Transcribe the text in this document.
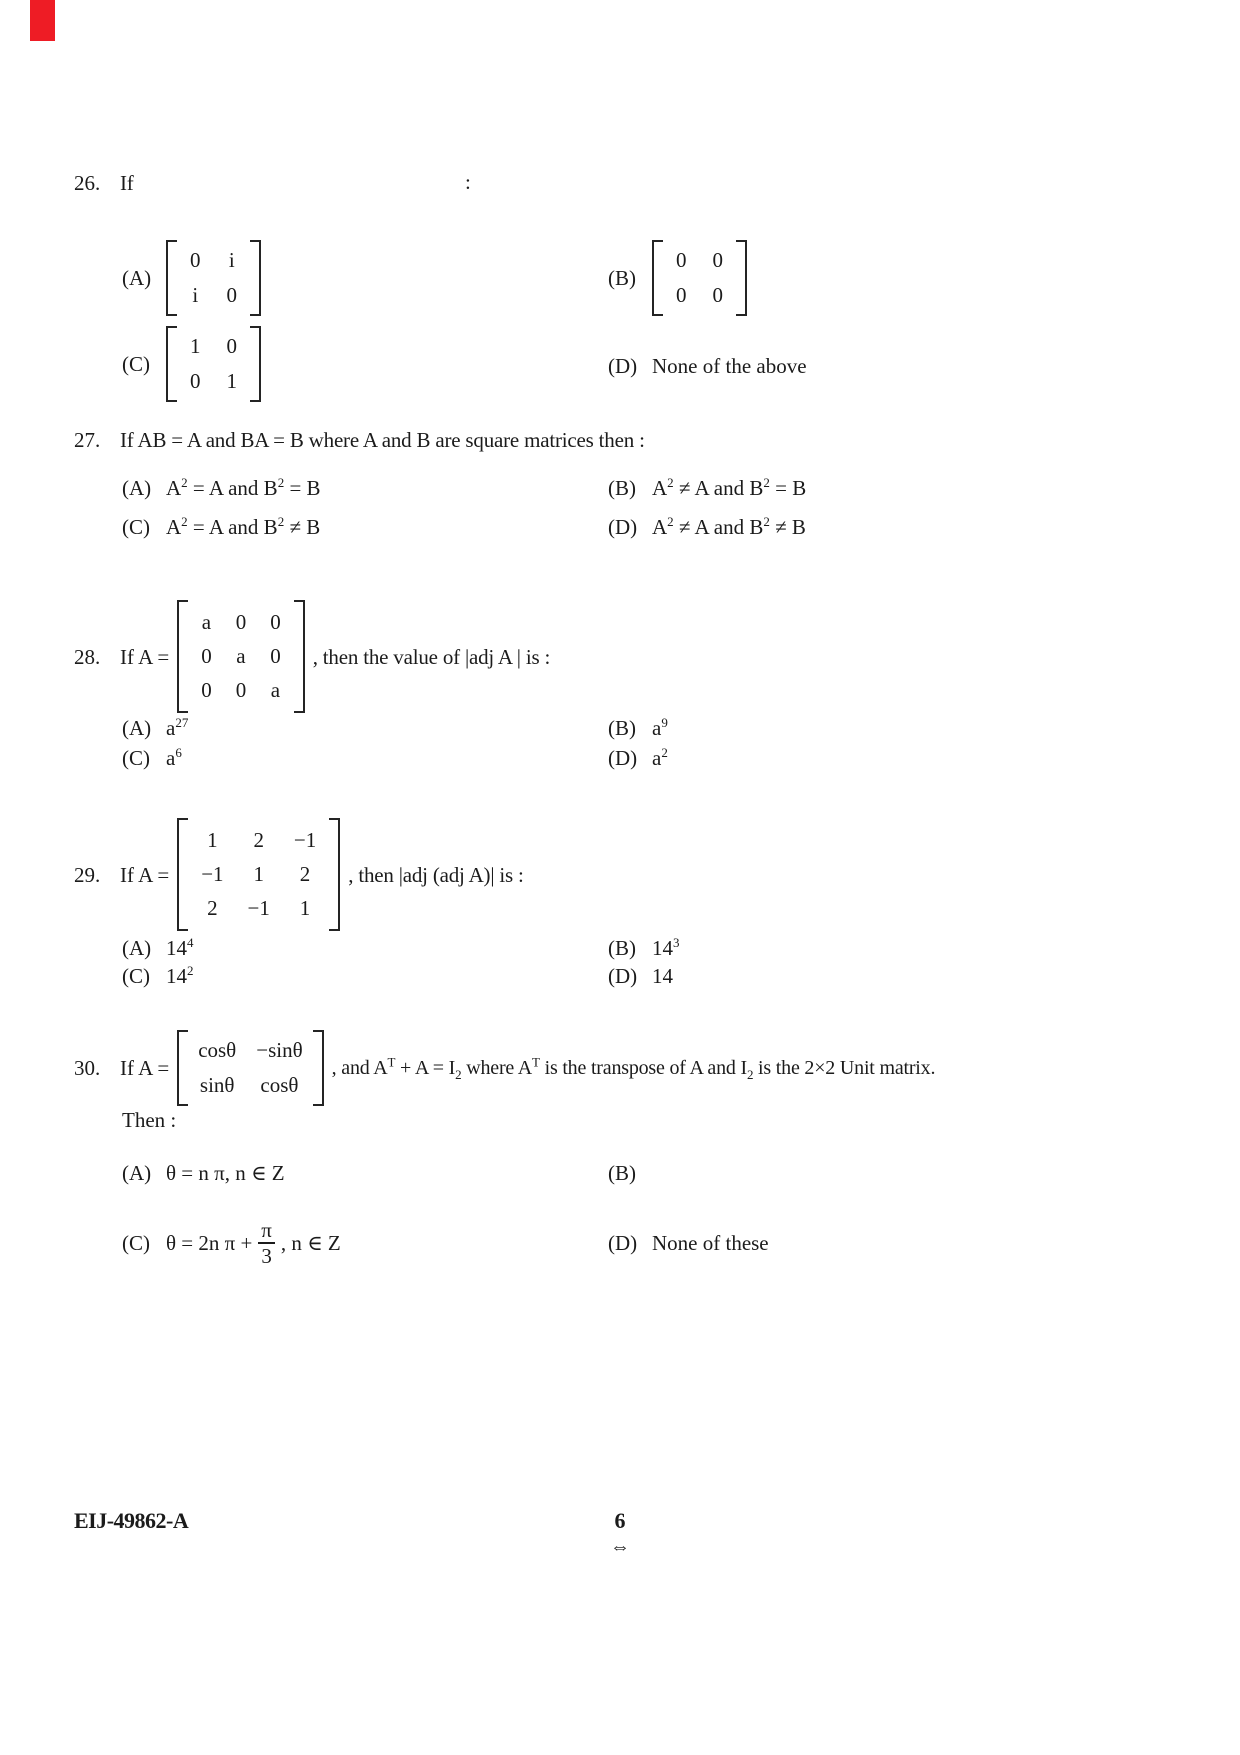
26. If	:
(A)
0 i
i 0
(B)
0 0
0 0
(C)
1 0
0 1
(D) None of the above
27. If AB = A and BA = B where A and B are square matrices then :
(A) $A^2 = A$ and $B^2 = B$	(B) $A^2 \ne A$ and $B^2 = B$
(C) $A^2 = A$ and $B^2 \ne B$	(D) $A^2 \ne A$ and $B^2 \ne B$
28. If A =
a 0 0
0 a 0
0 0 a
, then the value of |adj A | is :
(A) $a^{27}$	(B) $a^9$
(C) $a^6$	(D) $a^2$
29. If A =
1 2 −1
−1 1 2
2 −1 1
, then |adj (adj A)| is :
(A) $14^4$	(B) $14^3$
(C) $14^2$	(D) 14
30. If A =
cosθ −sinθ
sinθ cosθ
, and $A^T + A = I_2$ where $A^T$ is the transpose of A and $I_2$ is the 2×2 Unit matrix.
Then :
(A) θ = n π, n ∈ Z	(B)
(C) θ = 2n $\pi + \frac{\pi}{3}$ , n ∈ Z	(D) None of these
EIJ-49862-A	6
⇔
